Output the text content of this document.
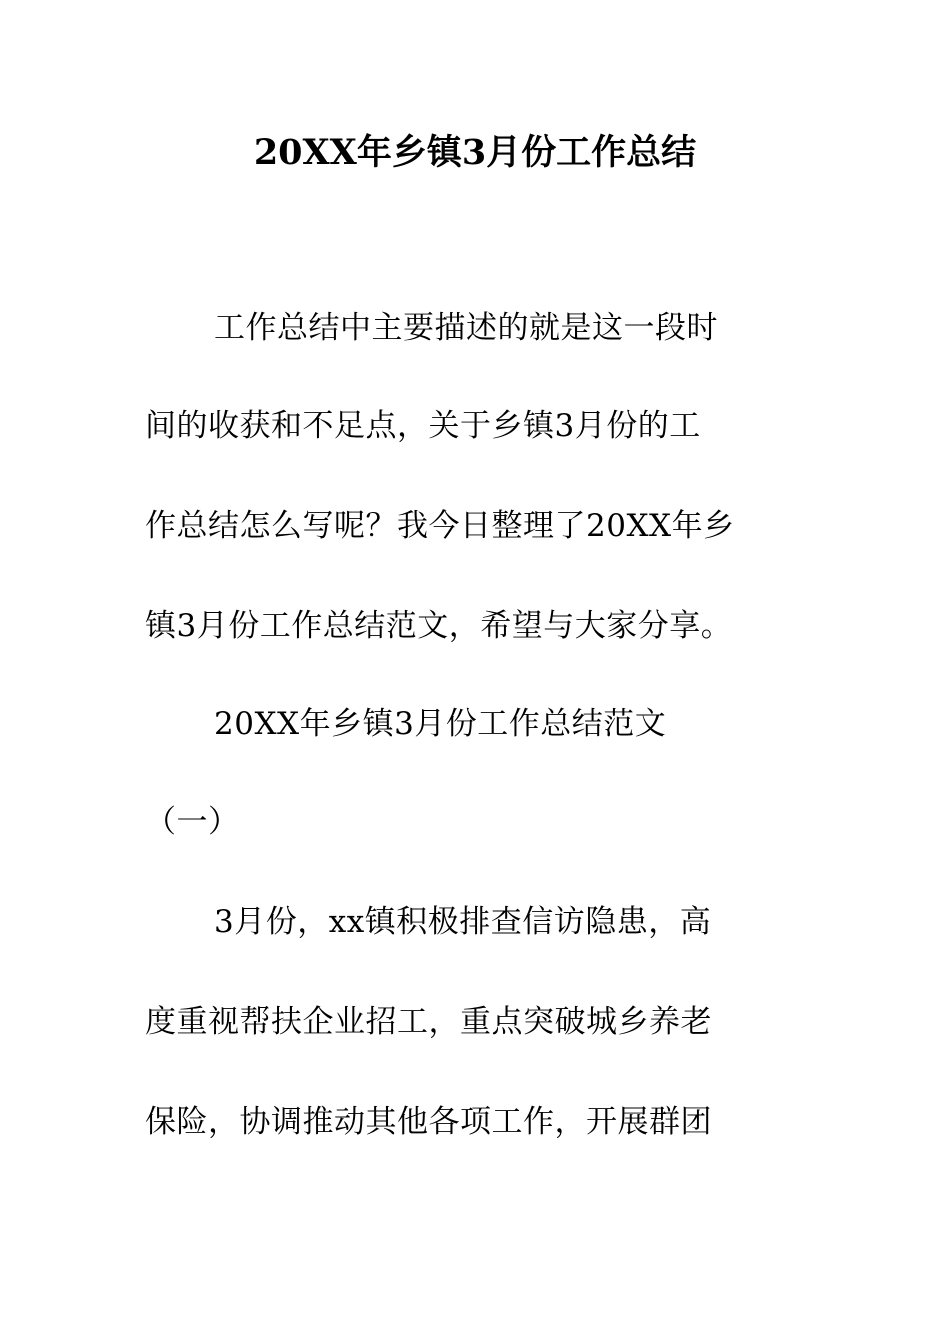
20XX年乡镇3月份工作总结
工作总结中主要描述的就是这一段时
间的收获和不足点，关于乡镇3月份的工
作总结怎么写呢？我今日整理了20XX年乡
镇3月份工作总结范文，希望与大家分享。
20XX年乡镇3月份工作总结范文
（一）
3月份，xx镇积极排查信访隐患，高
度重视帮扶企业招工，重点突破城乡养老
保险，协调推动其他各项工作，开展群团
